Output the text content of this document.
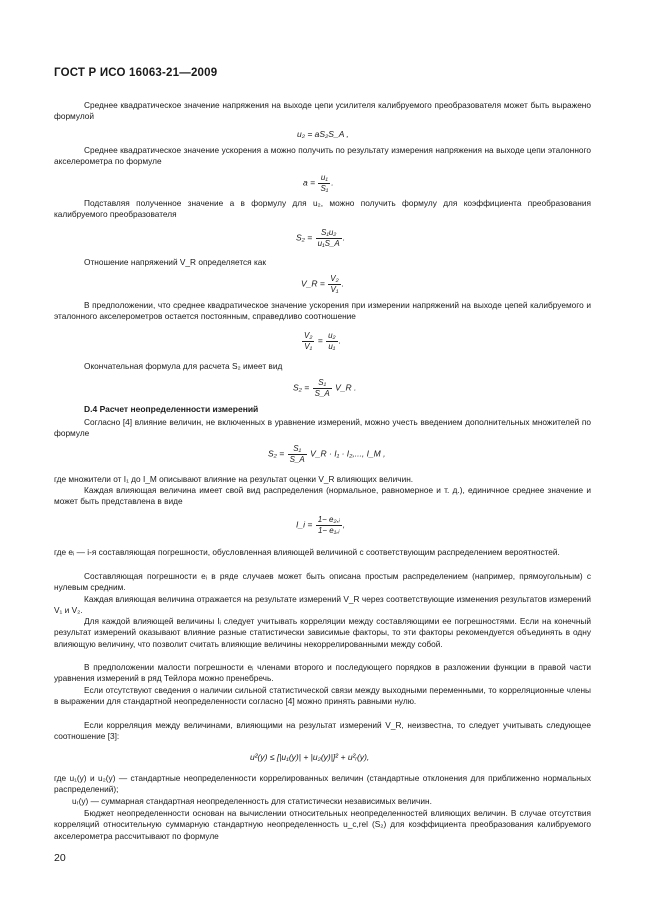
ГОСТ Р ИСО 16063-21—2009
Среднее квадратическое значение напряжения на выходе цепи усилителя калибруемого преобразователя может быть выражено формулой
u₂ = aS₂S_A ,
Среднее квадратическое значение ускорения a можно получить по результату измерения напряжения на выходе цепи эталонного акселерометра по формуле
$a = \frac{\text{u₁}}{\text{S₁}}$ .
Подставляя полученное значение a в формулу для u₂, можно получить формулу для коэффициента преобразования калибруемого преобразователя
$S_2 = \frac{\text{S₁u₂}}{\text{u₁S\_A}}$ .
Отношение напряжений V_R определяется как
V_R = $\frac{\text{V₂}}{\text{V₁}}$ .
В предположении, что среднее квадратическое значение ускорения при измерении напряжений на выходе цепей калибруемого и эталонного акселерометров остается постоянным, справедливо соотношение
$\frac{\text{V₂}}{\text{V₁}} = \frac{\text{u₂}}{\text{u₁}}$ .
Окончательная формула для расчета S₂ имеет вид
$S_2 = \frac{\text{S₁}}{S\_A}$ V_R .
D.4 Расчет неопределенности измерений
Согласно [4] влияние величин, не включенных в уравнение измерений, можно учесть введением дополнительных множителей по формуле
$S_2 = \frac{\text{S₁}}{S\_A}$ V_R · I₁ · I₂,..., I_M ,
где множители от I₁ до I_M описывают влияние на результат оценки V_R влияющих величин.
Каждая влияющая величина имеет свой вид распределения (нормальное, равномерное и т. д.), единичное среднее значение и может быть представлена в виде
I_i = $\frac{\text{1− e₂,ᵢ}}{\text{1− e₁,ᵢ}}$ ,
где eᵢ — i-я составляющая погрешности, обусловленная влияющей величиной с соответствующим распределением вероятностей.
Составляющая погрешности eᵢ в ряде случаев может быть описана простым распределением (например, прямоугольным) с нулевым средним.
Каждая влияющая величина отражается на результате измерений V_R через соответствующие изменения результатов измерений V₁ и V₂.
Для каждой влияющей величины Iᵢ следует учитывать корреляции между составляющими ее погрешностями. Если на конечный результат измерений оказывают влияние разные статистически зависимые факторы, то эти факторы рекомендуется объединять в одну влияющую величину, что позволит считать влияющие величины некоррелированными между собой.
В предположении малости погрешности eᵢ членами второго и последующего порядков в разложении функции в правой части уравнения измерений в ряд Тейлора можно пренебречь.
Если отсутствуют сведения о наличии сильной статистической связи между выходными переменными, то корреляционные члены в выражении для стандартной неопределенности согласно [4] можно принять равными нулю.
Если корреляция между величинами, влияющими на результат измерений V_R, неизвестна, то следует учитывать следующее соотношение [3]:
u²(y) ≤ [|u₁(y)| + |u₂(y)|]² + u²ᵣ(y),
где u₁(y) и u₂(y) — стандартные неопределенности коррелированных величин (стандартные отклонения для приближенно нормальных распределений);
uᵣ(y) — суммарная стандартная неопределенность для статистически независимых величин.
Бюджет неопределенности основан на вычислении относительных неопределенностей влияющих величин. В случае отсутствия корреляций относительную суммарную стандартную неопределенность u_c,rel (S₂) для коэффициента преобразования калибруемого акселерометра рассчитывают по формуле
20
